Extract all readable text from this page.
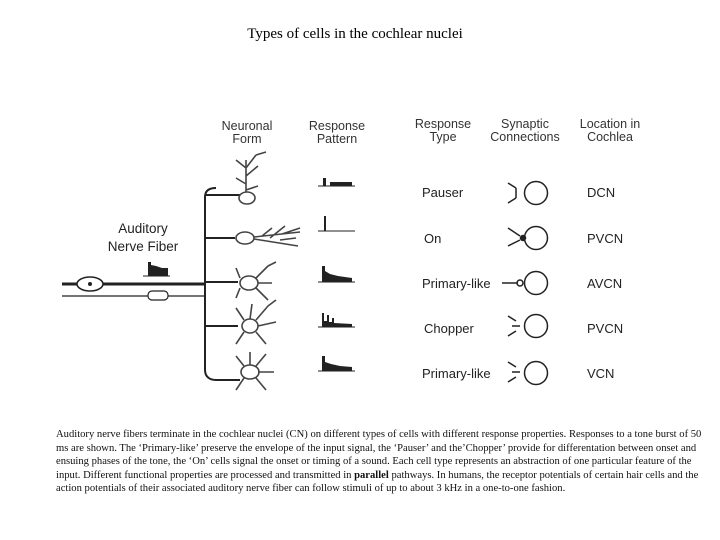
Types of cells in the cochlear nuclei
Neuronal
Form
Response
Pattern
Response
Type
Synaptic
Connections
Location in
Cochlea
Auditory
Nerve Fiber
Pauser	DCN
On	PVCN
Primary-like	AVCN
Chopper	PVCN
Primary-like	VCN
Auditory nerve fibers terminate in the cochlear nuclei (CN) on different types of cells with different response properties. Responses to a tone burst of 50 ms are shown. The ‘Primary-like’ preserve the envelope of the input signal, the ‘Pauser’ and the’Chopper’ provide for differentation between onset and ensuing phases of the tone, the ‘On’ cells signal the onset or timing of a sound. Each cell type represents an abstraction of one particular feature of the input. Different functional properties are processed and transmitted in parallel pathways. In humans, the receptor potentials of certain hair cells and the action potentials of their associated auditory nerve fiber can follow stimuli of up to about 3 kHz in a one-to-one fashion.
